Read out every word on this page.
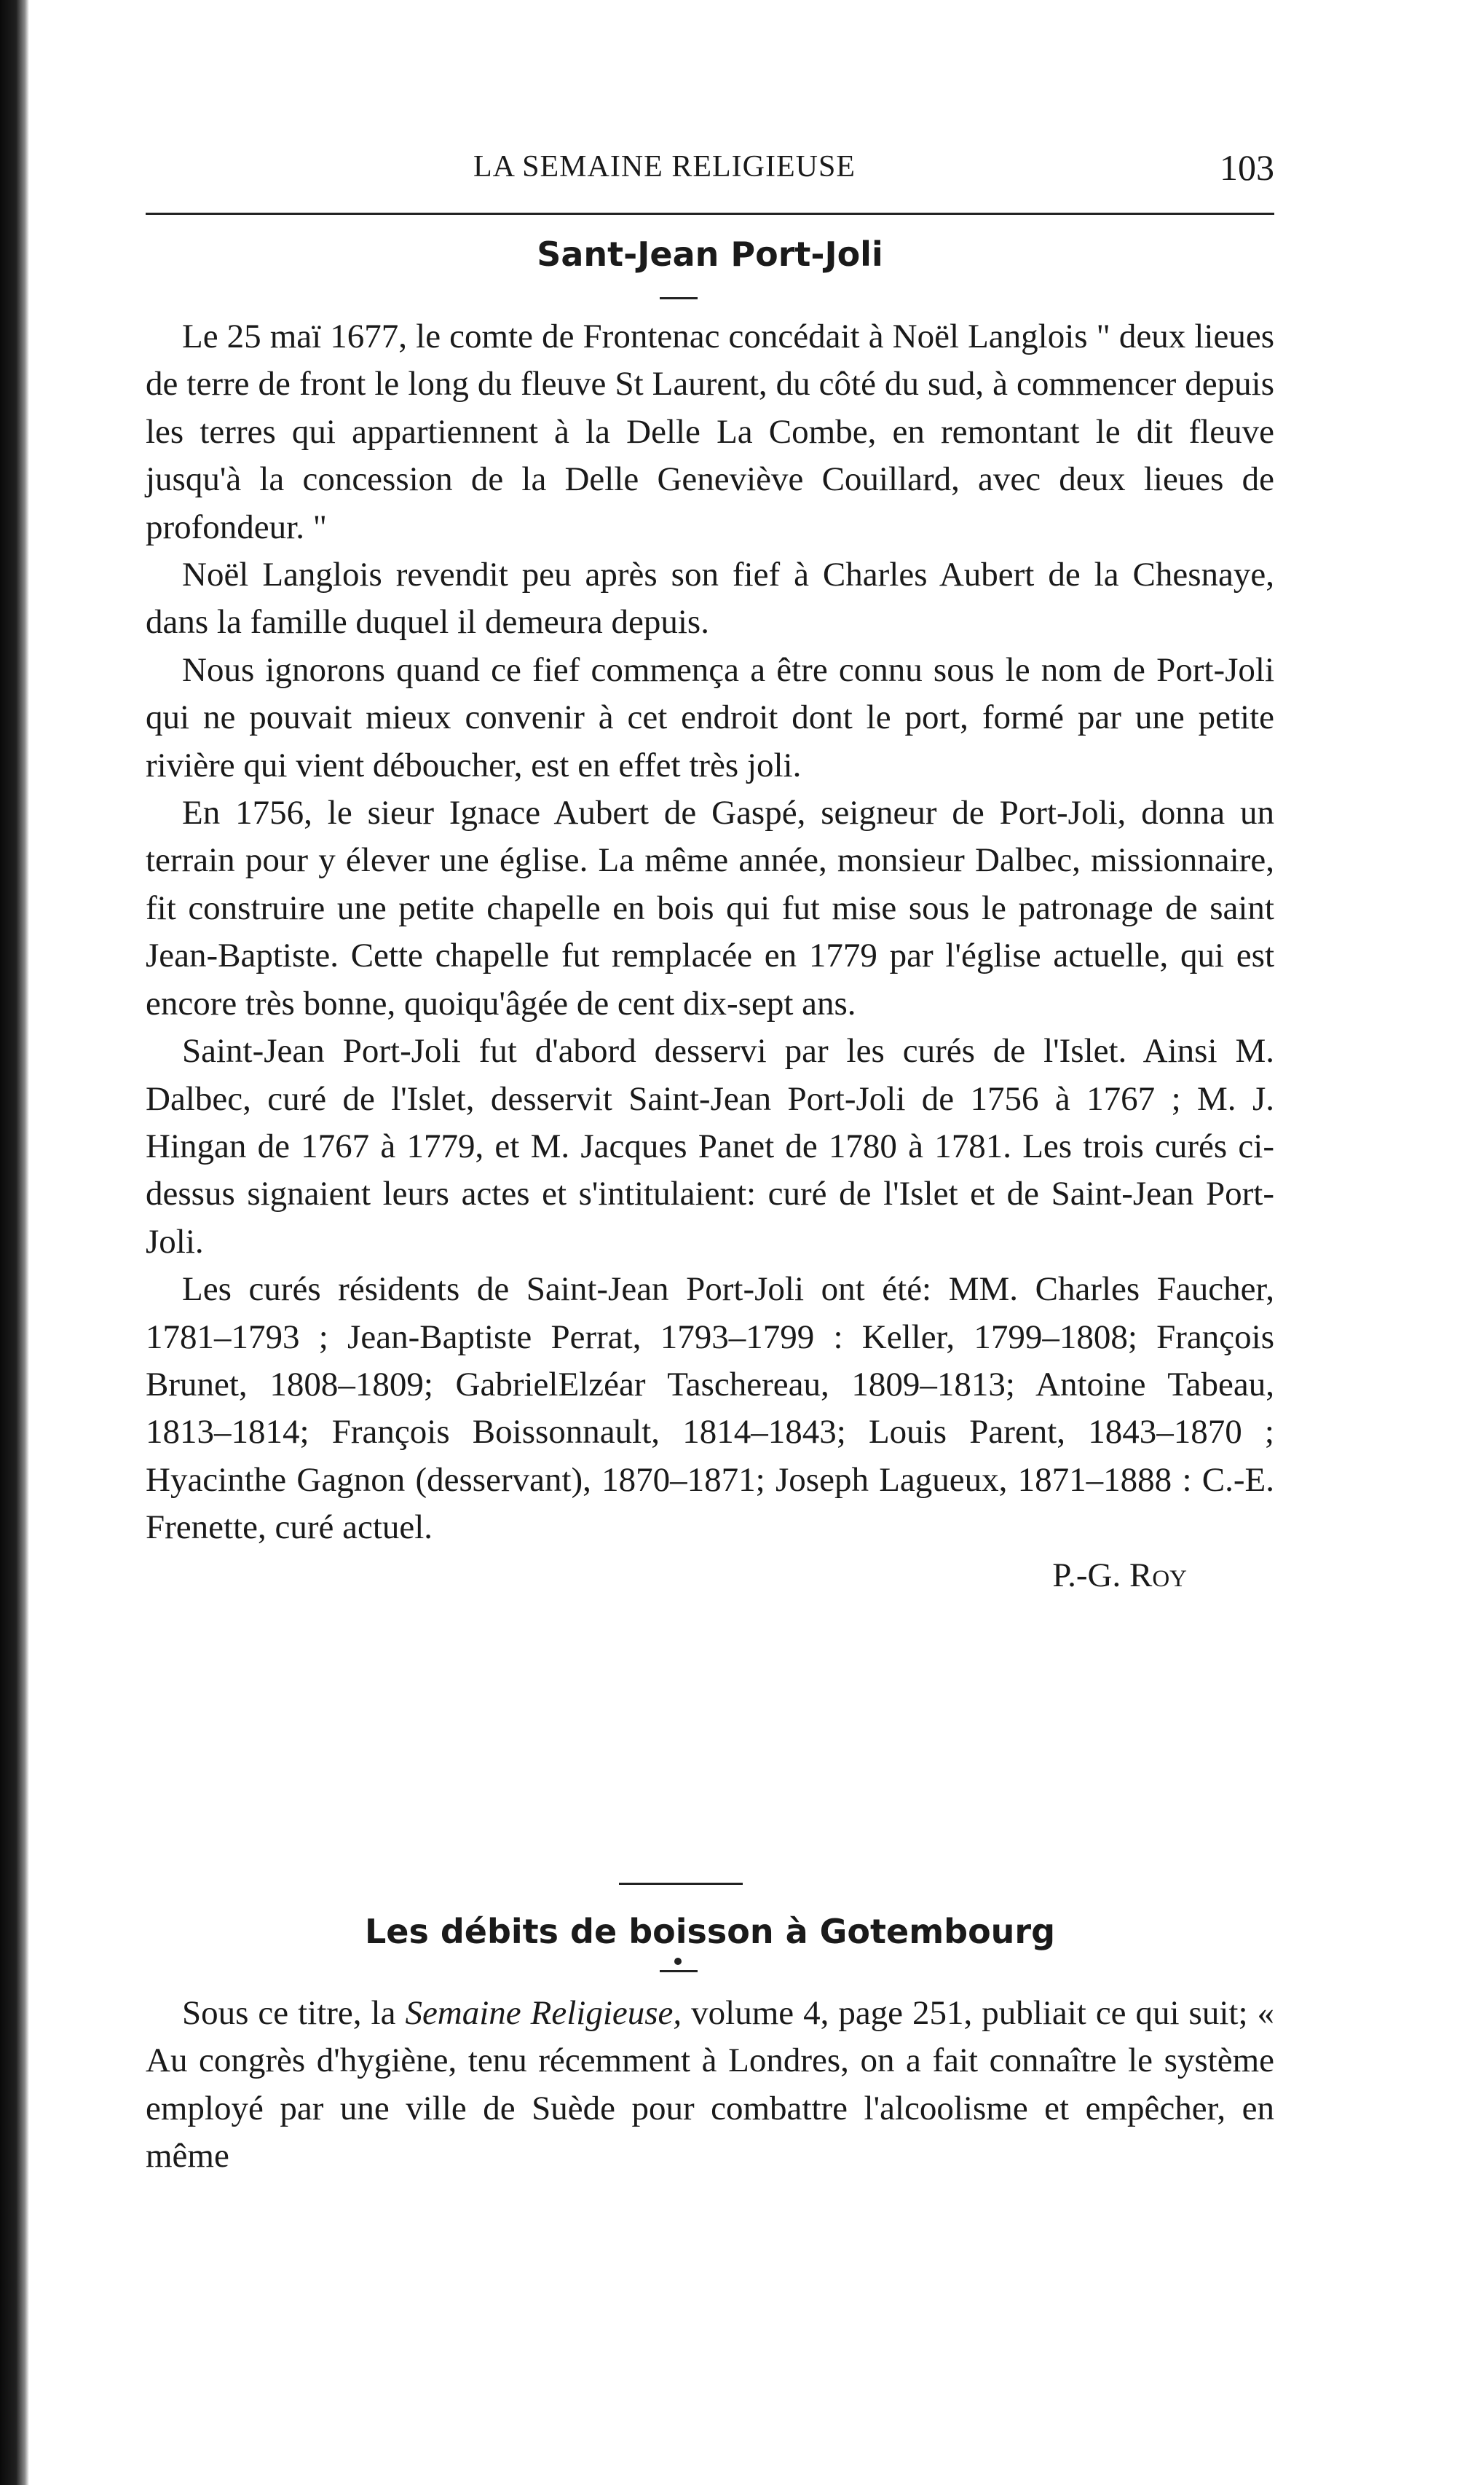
LA SEMAINE RELIGIEUSE	103
Sant-Jean Port-Joli

Le 25 maï 1677, le comte de Frontenac concédait à Noël Langlois " deux lieues de terre de front le long du fleuve St Laurent, du côté du sud, à commencer depuis les terres qui appartiennent à la Delle La Combe, en remontant le dit fleuve jusqu'à la concession de la Delle Geneviève Couillard, avec deux lieues de profondeur. "

Noël Langlois revendit peu après son fief à Charles Aubert de la Chesnaye, dans la famille duquel il demeura depuis.

Nous ignorons quand ce fief commença a être connu sous le nom de Port-Joli qui ne pouvait mieux convenir à cet endroit dont le port, formé par une petite rivière qui vient déboucher, est en effet très joli.

En 1756, le sieur Ignace Aubert de Gaspé, seigneur de Port-Joli, donna un terrain pour y élever une église. La même année, monsieur Dalbec, missionnaire, fit construire une petite chapelle en bois qui fut mise sous le patronage de saint Jean-Baptiste. Cette chapelle fut remplacée en 1779 par l'église actuelle, qui est encore très bonne, quoiqu'âgée de cent dix-sept ans.

Saint-Jean Port-Joli fut d'abord desservi par les curés de l'Islet. Ainsi M. Dalbec, curé de l'Islet, desservit Saint-Jean Port-Joli de 1756 à 1767 ; M. J. Hingan de 1767 à 1779, et M. Jacques Panet de 1780 à 1781. Les trois curés ci-dessus signaient leurs actes et s'intitulaient: curé de l'Islet et de Saint-Jean Port-Joli.

Les curés résidents de Saint-Jean Port-Joli ont été: MM. Charles Faucher, 1781–1793 ; Jean-Baptiste Perrat, 1793–1799 : Keller, 1799–1808; François Brunet, 1808–1809; GabrielElzéar Taschereau, 1809–1813; Antoine Tabeau, 1813–1814; François Boissonnault, 1814–1843; Louis Parent, 1843–1870 ; Hyacinthe Gagnon (desservant), 1870–1871; Joseph Lagueux, 1871–1888 : C.-E. Frenette, curé actuel.

P.-G. Roy

Les débits de boisson à Gotembourg

Sous ce titre, la Semaine Religieuse, volume 4, page 251, publiait ce qui suit; « Au congrès d'hygiène, tenu récemment à Londres, on a fait connaître le système employé par une ville de Suède pour combattre l'alcoolisme et empêcher, en même
